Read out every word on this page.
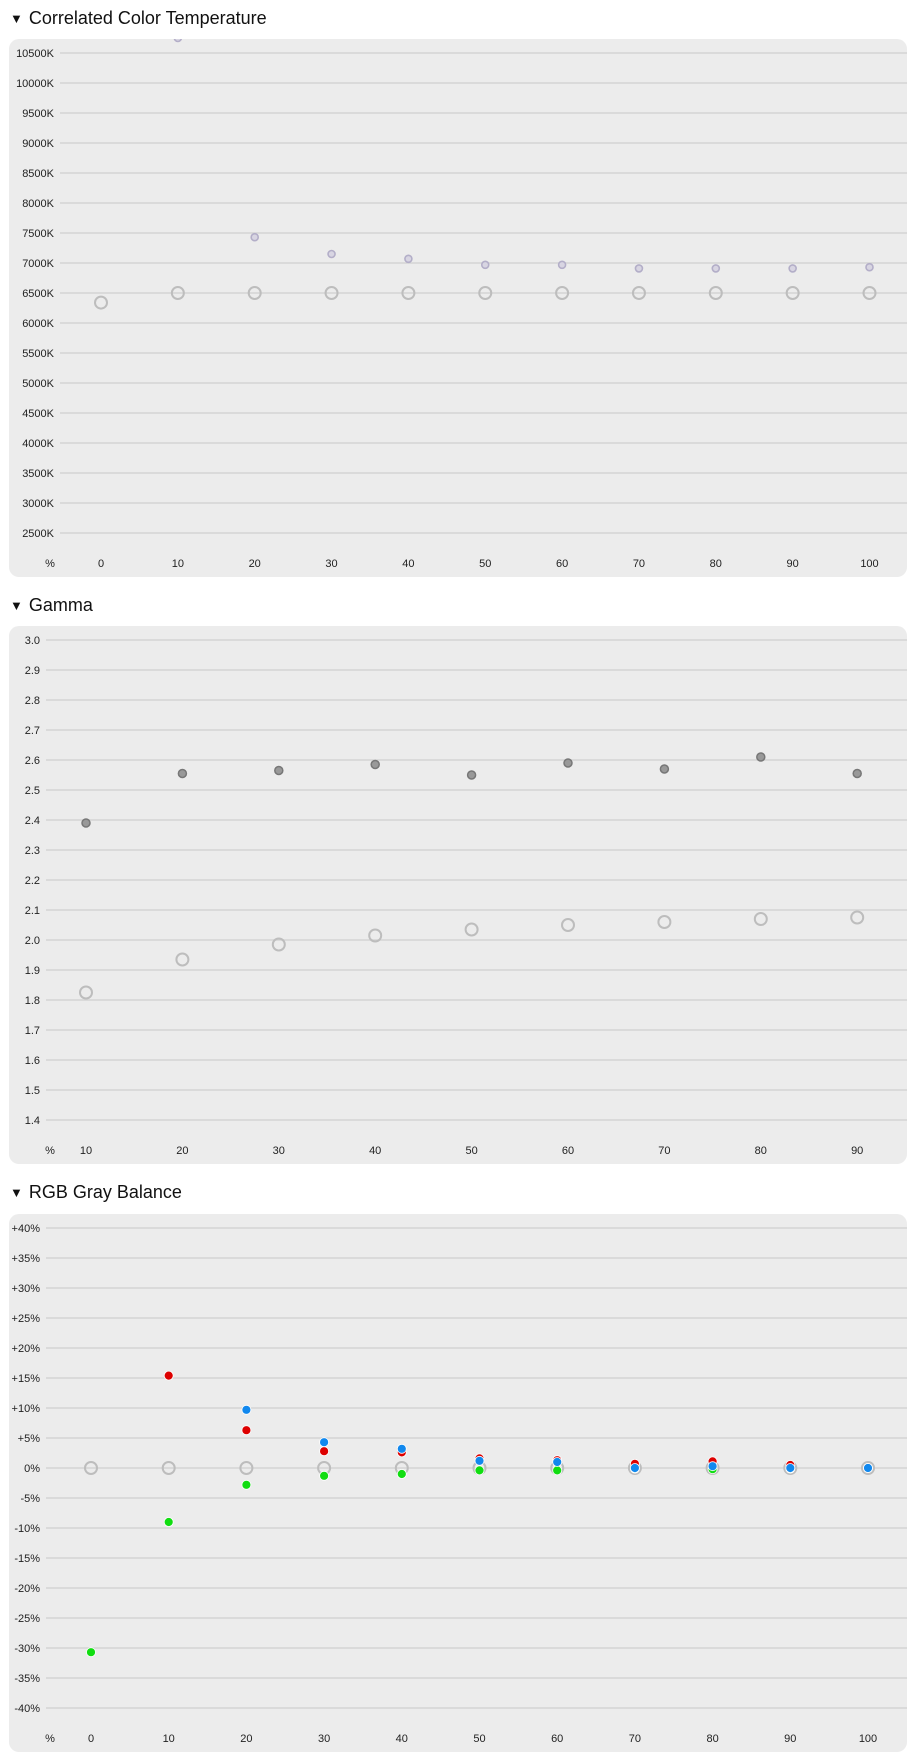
▼ Correlated Color Temperature
2500K
3000K
3500K
4000K
4500K
5000K
5500K
6000K
6500K
7000K
7500K
8000K
8500K
9000K
9500K
10000K
10500K
%	0	10	20	30	40	50	60	70	80	90	100
▼ Gamma
1.4
1.5
1.6
1.7
1.8
1.9
2.0
2.1
2.2
2.3
2.4
2.5
2.6
2.7
2.8
2.9
3.0
% 10	20	30	40	50	60	70	80	90
▼ RGB Gray Balance
-40%
-35%
-30%
-25%
-20%
-15%
-10%
-5%
0%
+5%
+10%
+15%
+20%
+25%
+30%
+35%
+40%
%	0	10	20	30	40	50	60	70	80	90	100
